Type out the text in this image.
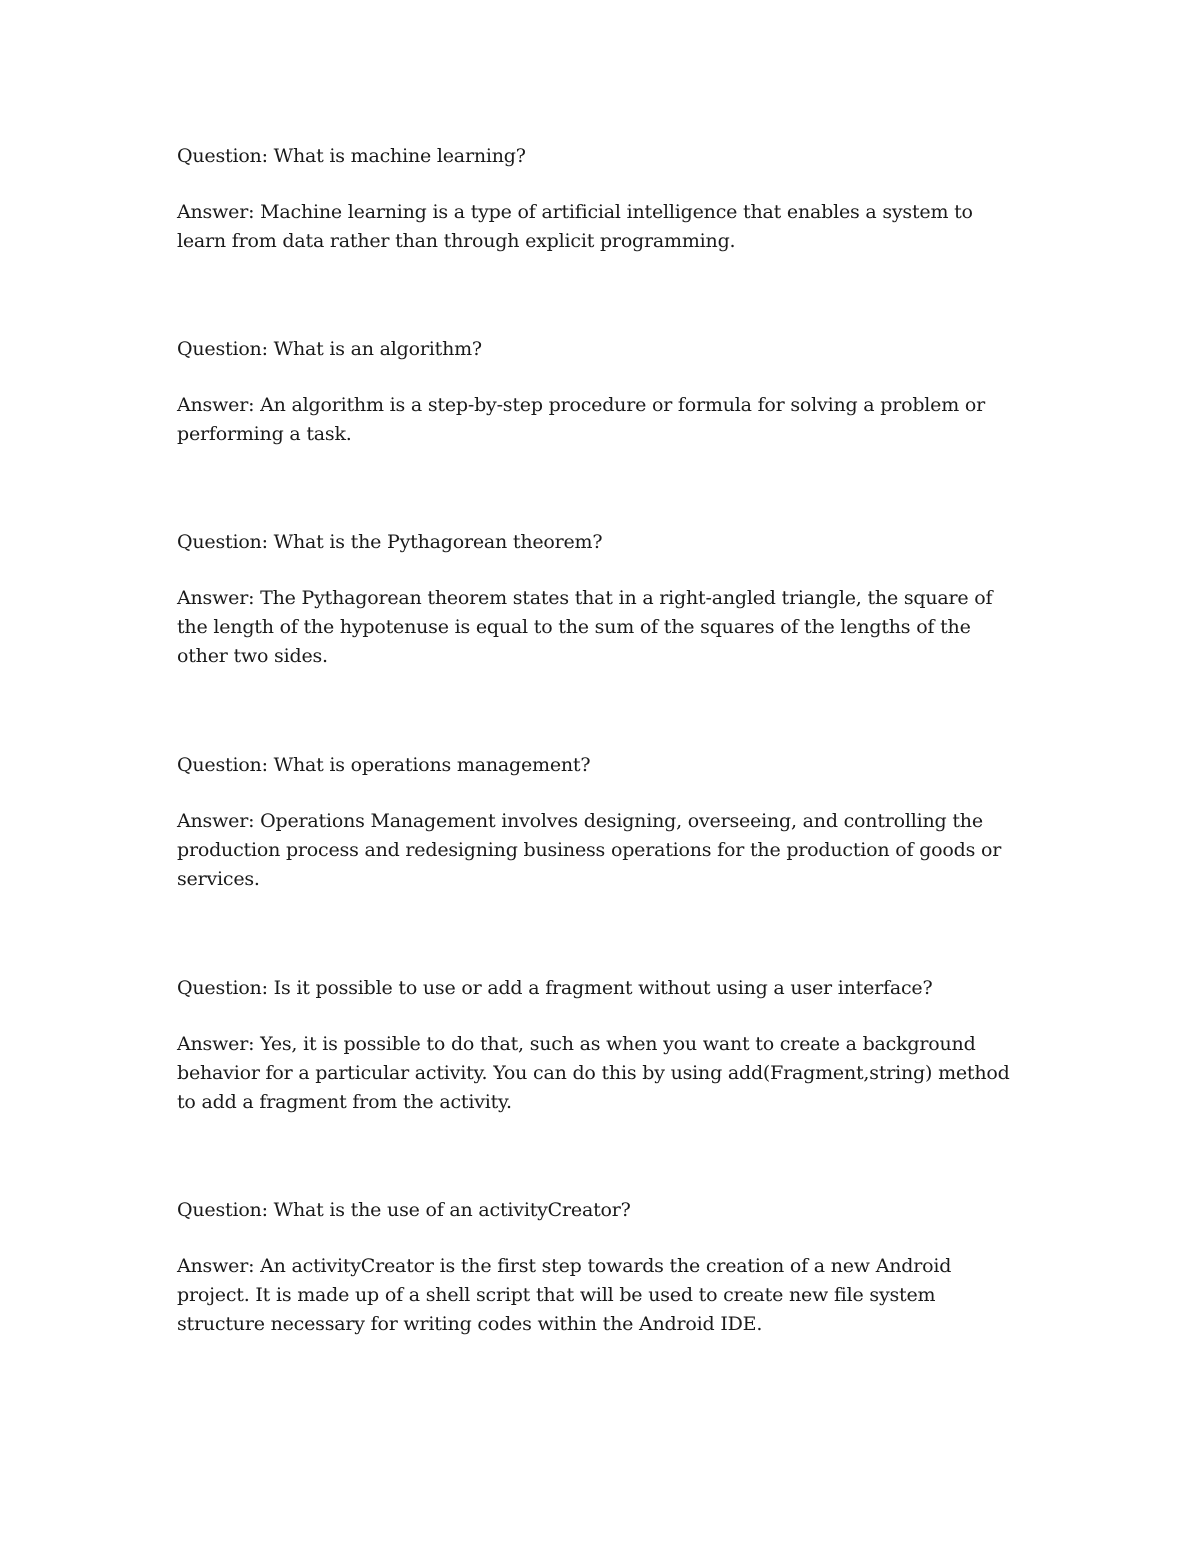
Question: What is machine learning?

Answer: Machine learning is a type of artificial intelligence that enables a system to learn from data rather than through explicit programming.

Question: What is an algorithm?

Answer: An algorithm is a step-by-step procedure or formula for solving a problem or performing a task.

Question: What is the Pythagorean theorem?

Answer: The Pythagorean theorem states that in a right-angled triangle, the square of the length of the hypotenuse is equal to the sum of the squares of the lengths of the other two sides.

Question: What is operations management?

Answer: Operations Management involves designing, overseeing, and controlling the production process and redesigning business operations for the production of goods or services.

Question: Is it possible to use or add a fragment without using a user interface?

Answer: Yes, it is possible to do that, such as when you want to create a background behavior for a particular activity. You can do this by using add(Fragment,string) method to add a fragment from the activity.

Question: What is the use of an activityCreator?

Answer: An activityCreator is the first step towards the creation of a new Android project. It is made up of a shell script that will be used to create new file system structure necessary for writing codes within the Android IDE.
